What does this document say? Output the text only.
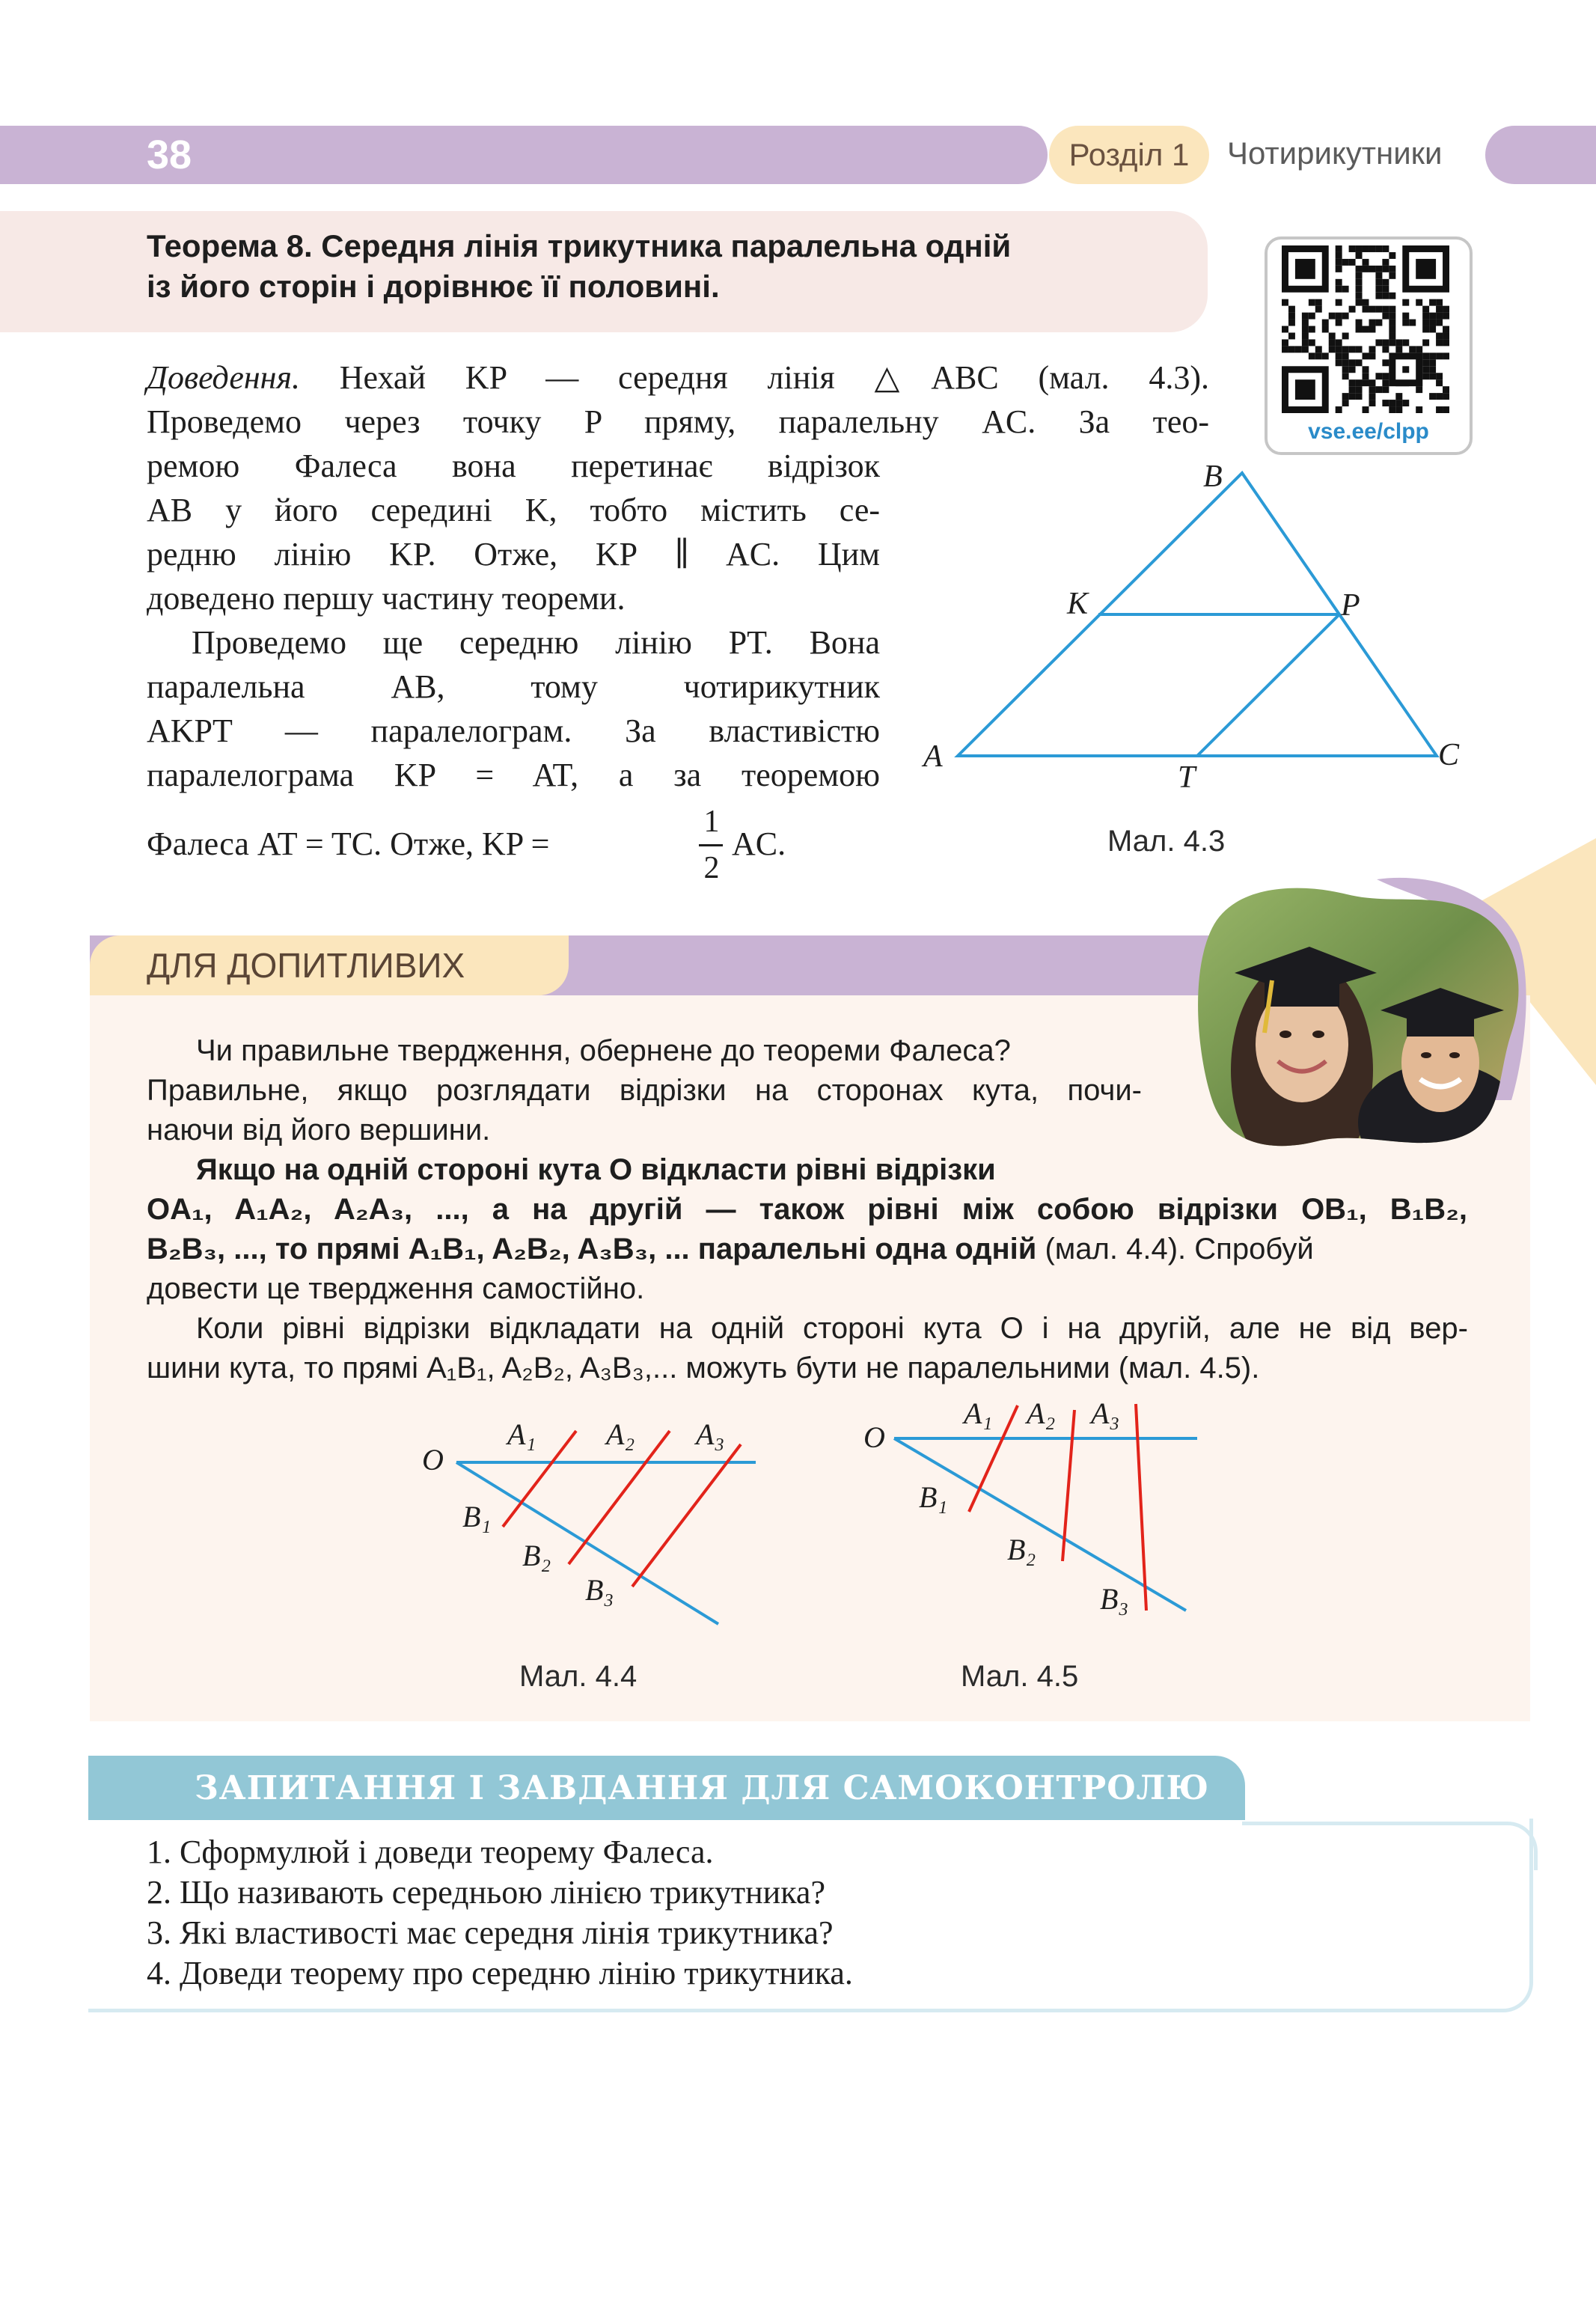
38	Розділ 1	Чотирикутники
Теорема 8. Середня лінія трикутника паралельна одній
із його сторін і дорівнює її половині.
vse.ee/clpp
Доведення. Нехай KP — середня лінія △ABC (мал. 4.3).
Проведемо через точку P пряму, паралельну AC. За тео-
ремою Фалеса вона перетинає відрізок
AB у його середині K, тобто містить се-
редню лінію KP. Отже, KP ∥ AC. Цим
доведено першу частину теореми.
Проведемо ще середню лінію PT. Вона
паралельна AB, тому чотирикутник
AKPT — паралелограм. За властивістю
паралелограма KP = AT, а за теоремою
Фалеса AT = TC. Отже, KP =
1
2
AC.
B
K	P
A
T
C
Мал. 4.3
ДЛЯ ДОПИТЛИВИХ
Чи правильне твердження, обернене до теореми Фалеса?
Правильне, якщо розглядати відрізки на сторонах кута, почи-
наючи від його вершини.
Якщо на одній стороні кута O відкласти рівні відрізки
OA₁, A₁A₂, A₂A₃, ..., а на другій — також рівні між собою відрізки OB₁, B₁B₂,
B₂B₃, ..., то прямі A₁B₁, A₂B₂, A₃B₃, ... паралельні одна одній (мал. 4.4). Спробуй
довести це твердження самостійно.
Коли рівні відрізки відкладати на одній стороні кута O і на другій, але не від вер-
шини кута, то прямі A₁B₁, A₂B₂, A₃B₃,... можуть бути не паралельними (мал. 4.5).
O
A₁ A₂ A₃
B₁
B₂
B₃
Мал. 4.4
O
A₁ A₂ A₃
B₁
B₂
B₃
Мал. 4.5
ЗАПИТАННЯ І ЗАВДАННЯ ДЛЯ САМОКОНТРОЛЮ
1. Сформулюй і доведи теорему Фалеса.
2. Що називають середньою лінією трикутника?
3. Які властивості має середня лінія трикутника?
4. Доведи теорему про середню лінію трикутника.
